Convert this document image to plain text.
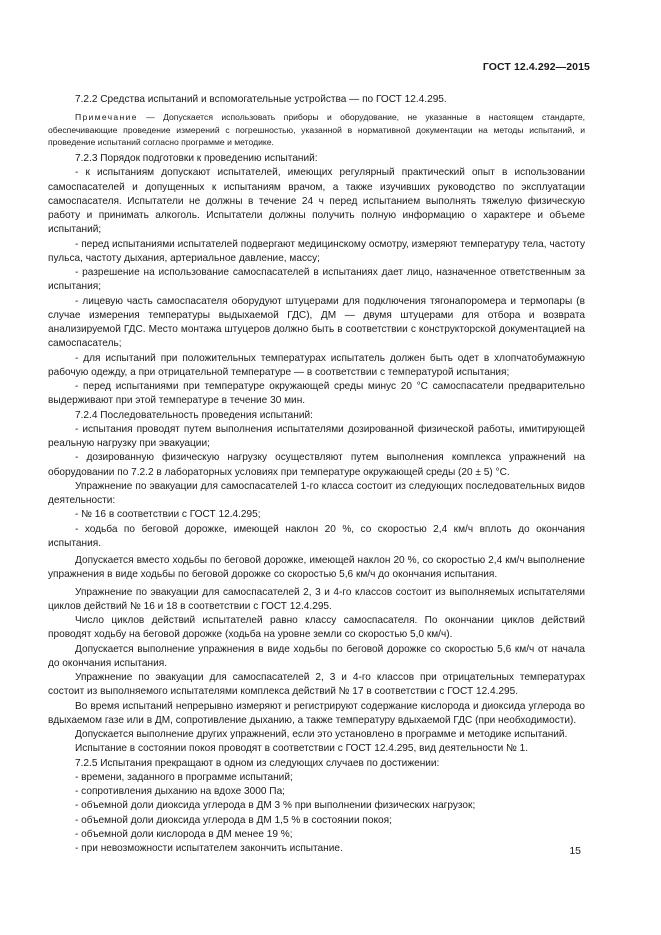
ГОСТ 12.4.292—2015

7.2.2 Средства испытаний и вспомогательные устройства — по ГОСТ 12.4.295.

Примечание — Допускается использовать приборы и оборудование, не указанные в настоящем стандарте, обеспечивающие проведение измерений с погрешностью, указанной в нормативной документации на методы испытаний, и проведение испытаний согласно программе и методике.

7.2.3 Порядок подготовки к проведению испытаний:

- к испытаниям допускают испытателей, имеющих регулярный практический опыт в использовании самоспасателей и допущенных к испытаниям врачом, а также изучивших руководство по эксплуатации самоспасателя. Испытатели не должны в течение 24 ч перед испытанием выполнять тяжелую физическую работу и принимать алкоголь. Испытатели должны получить полную информацию о характере и объеме испытаний;

- перед испытаниями испытателей подвергают медицинскому осмотру, измеряют температуру тела, частоту пульса, частоту дыхания, артериальное давление, массу;

- разрешение на использование самоспасателей в испытаниях дает лицо, назначенное ответственным за испытания;

- лицевую часть самоспасателя оборудуют штуцерами для подключения тягонапоромера и термопары (в случае измерения температуры выдыхаемой ГДС), ДМ — двумя штуцерами для отбора и возврата анализируемой ГДС. Место монтажа штуцеров должно быть в соответствии с конструкторской документацией на самоспасатель;

- для испытаний при положительных температурах испытатель должен быть одет в хлопчатобумажную рабочую одежду, а при отрицательной температуре — в соответствии с температурой испытания;

- перед испытаниями при температуре окружающей среды минус 20 °С самоспасатели предварительно выдерживают при этой температуре в течение 30 мин.

7.2.4 Последовательность проведения испытаний:

- испытания проводят путем выполнения испытателями дозированной физической работы, имитирующей реальную нагрузку при эвакуации;

- дозированную физическую нагрузку осуществляют путем выполнения комплекса упражнений на оборудовании по 7.2.2 в лабораторных условиях при температуре окружающей среды (20 ± 5) °С.

Упражнение по эвакуации для самоспасателей 1-го класса состоит из следующих последовательных видов деятельности:

- № 16 в соответствии с ГОСТ 12.4.295;

- ходьба по беговой дорожке, имеющей наклон 20 %, со скоростью 2,4 км/ч вплоть до окончания испытания.

Допускается вместо ходьбы по беговой дорожке, имеющей наклон 20 %, со скоростью 2,4 км/ч выполнение упражнения в виде ходьбы по беговой дорожке со скоростью 5,6 км/ч до окончания испытания.

Упражнение по эвакуации для самоспасателей 2, 3 и 4-го классов состоит из выполняемых испытателями циклов действий № 16 и 18 в соответствии с ГОСТ 12.4.295.

Число циклов действий испытателей равно классу самоспасателя. По окончании циклов действий проводят ходьбу на беговой дорожке (ходьба на уровне земли со скоростью 5,0 км/ч).

Допускается выполнение упражнения в виде ходьбы по беговой дорожке со скоростью 5,6 км/ч от начала до окончания испытания.

Упражнение по эвакуации для самоспасателей 2, 3 и 4-го классов при отрицательных температурах состоит из выполняемого испытателями комплекса действий № 17 в соответствии с ГОСТ 12.4.295.

Во время испытаний непрерывно измеряют и регистрируют содержание кислорода и диоксида углерода во вдыхаемом газе или в ДМ, сопротивление дыханию, а также температуру вдыхаемой ГДС (при необходимости).

Допускается выполнение других упражнений, если это установлено в программе и методике испытаний.

Испытание в состоянии покоя проводят в соответствии с ГОСТ 12.4.295, вид деятельности № 1.

7.2.5 Испытания прекращают в одном из следующих случаев по достижении:

- времени, заданного в программе испытаний;

- сопротивления дыханию на вдохе 3000 Па;

- объемной доли диоксида углерода в ДМ 3 % при выполнении физических нагрузок;

- объемной доли диоксида углерода в ДМ 1,5 % в состоянии покоя;

- объемной доли кислорода в ДМ менее 19 %;

- при невозможности испытателем закончить испытание.	15
